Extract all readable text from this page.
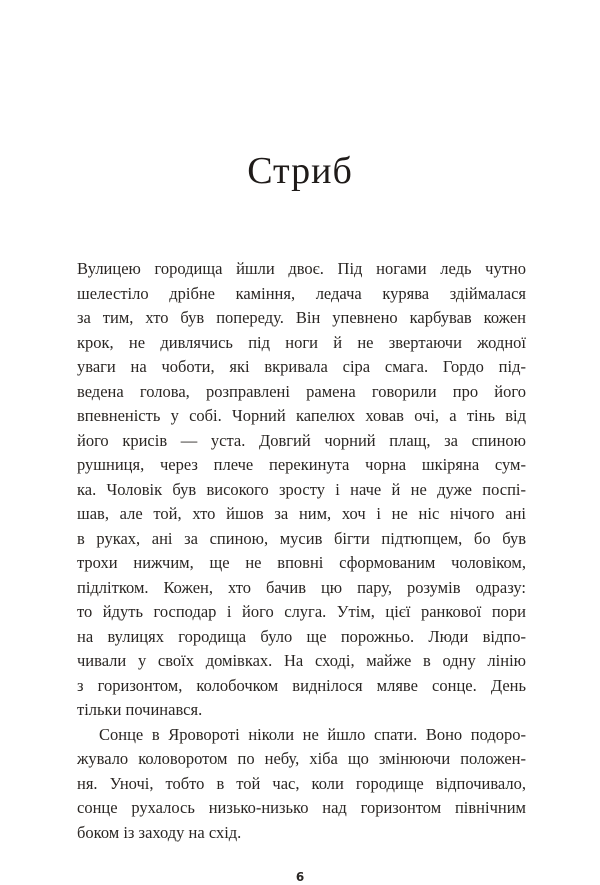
Стриб
Вулицею городища йшли двоє. Під ногами ледь чутно
шелестіло дрібне каміння, ледача курява здіймалася
за тим, хто був попереду. Він упевнено карбував кожен
крок, не дивлячись під ноги й не звертаючи жодної
уваги на чоботи, які вкривала сіра смага. Гордо під-
ведена голова, розправлені рамена говорили про його
впевненість у собі. Чорний капелюх ховав очі, а тінь від
його крисів — уста. Довгий чорний плащ, за спиною
рушниця, через плече перекинута чорна шкіряна сум-
ка. Чоловік був високого зросту і наче й не дуже поспі-
шав, але той, хто йшов за ним, хоч і не ніс нічого ані
в руках, ані за спиною, мусив бігти підтюпцем, бо був
трохи нижчим, ще не вповні сформованим чоловіком,
підлітком. Кожен, хто бачив цю пару, розумів одразу:
то йдуть господар і його слуга. Утім, цієї ранкової пори
на вулицях городища було ще порожньо. Люди відпо-
чивали у своїх домівках. На сході, майже в одну лінію
з горизонтом, колобочком виднілося мляве сонце. День
тільки починався.
Сонце в Яровороті ніколи не йшло спати. Воно подоро-
жувало коловоротом по небу, хіба що змінюючи положен-
ня. Уночі, тобто в той час, коли городище відпочивало,
сонце рухалось низько-низько над горизонтом північним
боком із заходу на схід.
6
